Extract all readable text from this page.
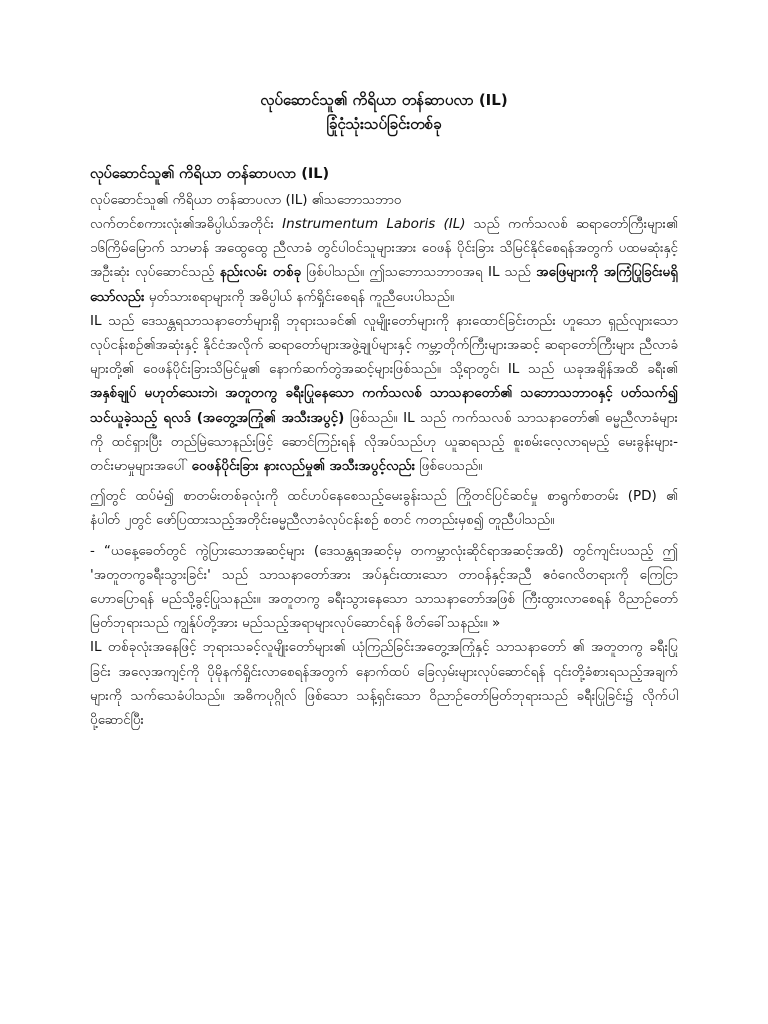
လုပ်ဆောင်သူ၏ ကိရိယာ တန်ဆာပလာ (IL)
ခြုံငုံသုံးသပ်ခြင်းတစ်ခု
လုပ်ဆောင်သူ၏ ကိရိယာ တန်ဆာပလာ (IL)
လုပ်ဆောင်သူ၏ ကိရိယာ တန်ဆာပလာ (IL) ၏သဘောသဘာဝ

လက်တင်စကားလုံး၏အဓိပ္ပါယ်အတိုင်း Instrumentum Laboris (IL) သည် ကက်သလစ် ဆရာတော်ကြီးများ၏ ၁၆ကြိမ်မြောက် သာမာန် အထွေထွေ ညီလာခံ တွင်ပါဝင်သူများအား ဝေဖန် ပိုင်းခြား သိမြင်နိုင်စေရန်အတွက် ပထမဆုံးနှင့် အဦးဆုံး လုပ်ဆောင်သည့် နည်းလမ်း တစ်ခု ဖြစ်ပါသည်။ ဤသဘောသဘာဝအရ IL သည် အဖြေများကို အကြံပြုခြင်းမရှိသော်လည်း မှတ်သားစရာများကို အဓိပ္ပါယ် နက်ရှိုင်းစေရန် ကူညီပေးပါသည်။

IL သည် ဒေသန္တရသာသနာတော်များရှိ ဘုရားသခင်၏ လူမျိုးတော်များကို နားထောင်ခြင်းတည်း ဟူသော ရှည်လျားသောလုပ်ငန်းစဉ်၏အဆုံးနှင့် နိုင်ငံအလိုက် ဆရာတော်များအဖွဲ့ချုပ်များနှင့် ကမ္ဘာ့တိုက်ကြီးများအဆင့် ဆရာတော်ကြီးများ ညီလာခံများတို့၏ ဝေဖန်ပိုင်းခြားသိမြင်မှု၏ နောက်ဆက်တွဲအဆင့်များဖြစ်သည်။ သို့ရာတွင်၊ IL သည် ယခုအချိန်အထိ ခရီး၏ အနှစ်ချုပ် မဟုတ်သေးဘဲ၊ အတူတကွ ခရီးပြုနေသော ကက်သလစ် သာသနာတော်၏ သဘောသဘာဝနှင့် ပတ်သက်၍ သင်ယူခဲ့သည့် ရလဒ် (အတွေ့အကြုံ၏ အသီးအပွင့်) ဖြစ်သည်။ IL သည် ကက်သလစ် သာသနာတော်၏ ဓမ္မညီလာခံများကို ထင်ရှားပြီး တည်မြဲသောနည်းဖြင့် ဆောင်ကြဉ်းရန် လိုအပ်သည်ဟု ယူဆရသည့် စူးစမ်းလေ့လာရမည့် မေးခွန်းများ-တင်းမာမှုများအပေါ် ဝေဖန်ပိုင်းခြား နားလည်မှု၏ အသီးအပွင့်လည်း ဖြစ်ပေသည်။

ဤတွင် ထပ်မံ၍ စာတမ်းတစ်ခုလုံးကို ထင်ဟပ်နေစေသည့်မေးခွန်းသည် ကြိုတင်ပြင်ဆင်မှု စာရွက်စာတမ်း (PD) ၏ နံပါတ် ၂တွင် ဖော်ပြထားသည့်အတိုင်းဓမ္မညီလာခံလုပ်ငန်းစဉ် စတင် ကတည်းမှစ၍ တူညီပါသည်။

- “ယနေ့ခေတ်တွင် ကွဲပြားသောအဆင့်များ (ဒေသန္တရအဆင့်မှ တကမ္ဘာလုံးဆိုင်ရာအဆင့်အထိ) တွင်ကျင်းပသည့် ဤ 'အတူတကွခရီးသွားခြင်း' သည် သာသနာတော်အား အပ်နှင်းထားသော တာဝန်နှင့်အညီ ဧဝံဂေလိတရားကို ကြေငြာဟောပြောရန် မည်သို့ခွင့်ပြုသနည်း။ အတူတကွ ခရီးသွားနေသော သာသနာတော်အဖြစ် ကြီးထွားလာစေရန် ဝိညာဉ်တော်မြတ်ဘုရားသည် ကျွန်ုပ်တို့အား မည်သည့်အရာများလုပ်ဆောင်ရန် ဖိတ်ခေါ်သနည်း။ »

IL တစ်ခုလုံးအနေဖြင့် ဘုရားသခင့်လူမျိုးတော်များ၏ ယုံကြည်ခြင်းအတွေ့အကြုံနှင့် သာသနာတော် ၏ အတူတကွ ခရီးပြုခြင်း အလေ့အကျင့်ကို ပိုမိုနက်ရှိုင်းလာစေရန်အတွက် နောက်ထပ် ခြေလှမ်းများလုပ်ဆောင်ရန် ၎င်းတို့ခံစားရသည့်အချက်များကို သက်သေခံပါသည်။ အဓိကပုဂ္ဂိုလ် ဖြစ်သော သန့်ရှင်းသော ဝိညာဉ်တော်မြတ်ဘုရားသည် ခရီးပြုခြင်း၌ လိုက်ပါ ပို့ဆောင်ပြီး
